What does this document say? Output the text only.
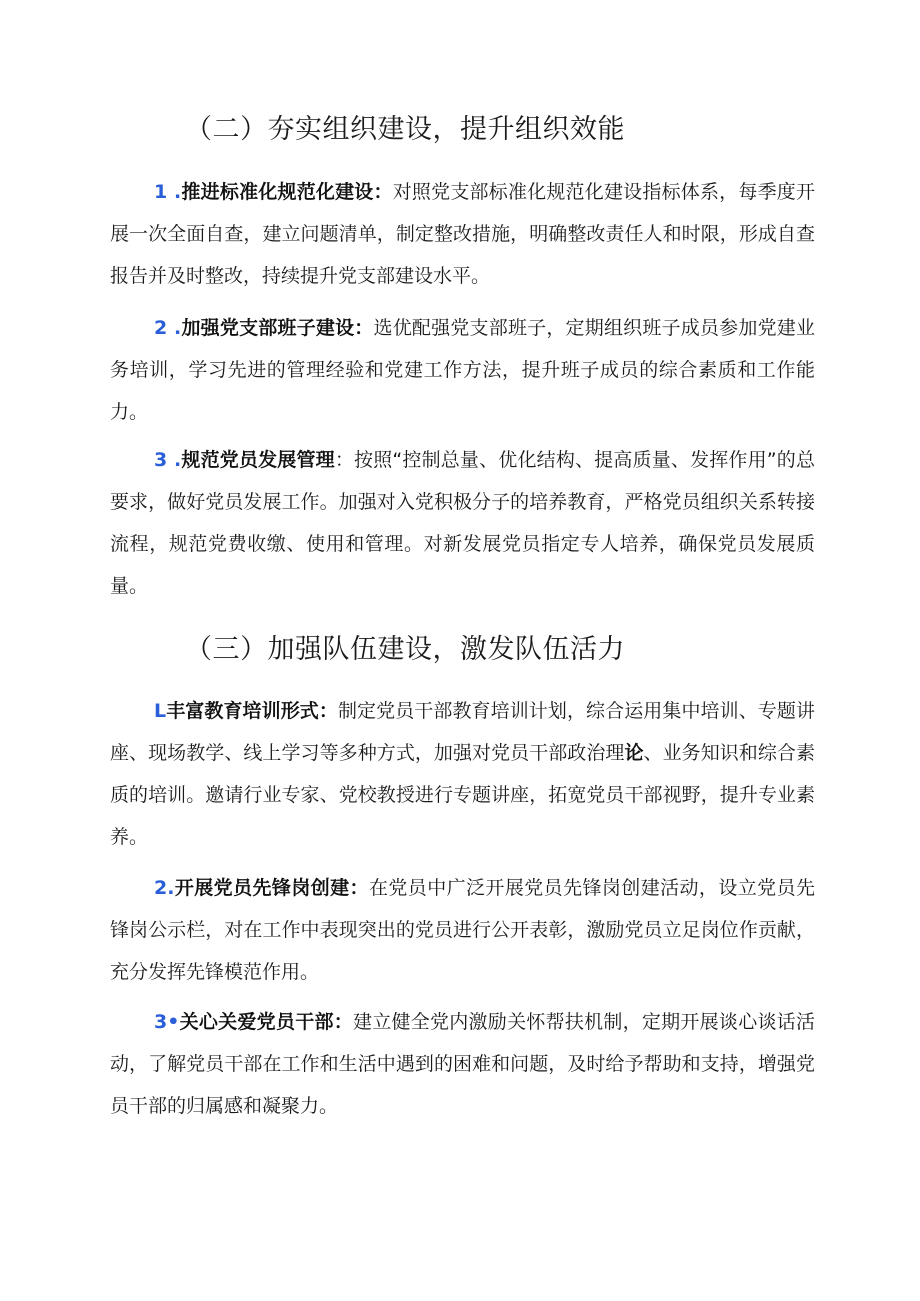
（二）夯实组织建设，提升组织效能

1 .推进标准化规范化建设：对照党支部标准化规范化建设指标体系，每季度开展一次全面自查，建立问题清单，制定整改措施，明确整改责任人和时限，形成自查报告并及时整改，持续提升党支部建设水平。

2 .加强党支部班子建设：选优配强党支部班子，定期组织班子成员参加党建业务培训，学习先进的管理经验和党建工作方法，提升班子成员的综合素质和工作能力。

3 .规范党员发展管理：按照“控制总量、优化结构、提高质量、发挥作用”的总要求，做好党员发展工作。加强对入党积极分子的培养教育，严格党员组织关系转接流程，规范党费收缴、使用和管理。对新发展党员指定专人培养，确保党员发展质量。

（三）加强队伍建设，激发队伍活力

L丰富教育培训形式：制定党员干部教育培训计划，综合运用集中培训、专题讲座、现场教学、线上学习等多种方式，加强对党员干部政治理论、业务知识和综合素质的培训。邀请行业专家、党校教授进行专题讲座，拓宽党员干部视野，提升专业素养。

2.开展党员先锋岗创建：在党员中广泛开展党员先锋岗创建活动，设立党员先锋岗公示栏，对在工作中表现突出的党员进行公开表彰，激励党员立足岗位作贡献，充分发挥先锋模范作用。

3•关心关爱党员干部：建立健全党内激励关怀帮扶机制，定期开展谈心谈话活动，了解党员干部在工作和生活中遇到的困难和问题，及时给予帮助和支持，增强党员干部的归属感和凝聚力。
